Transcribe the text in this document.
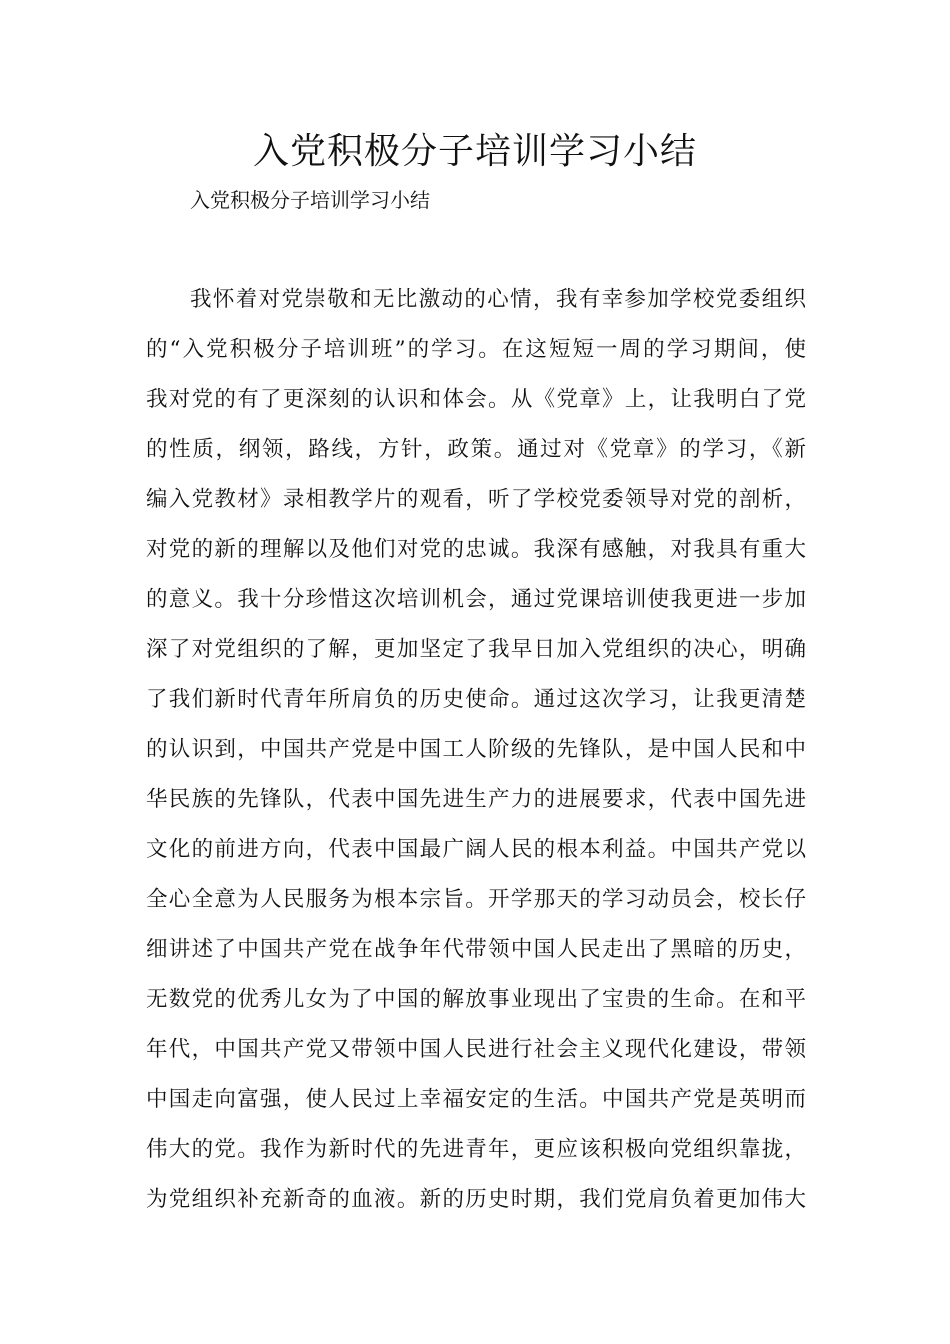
入党积极分子培训学习小结

入党积极分子培训学习小结

我怀着对党崇敬和无比激动的心情，我有幸参加学校党委组织
的“入党积极分子培训班”的学习。在这短短一周的学习期间，使
我对党的有了更深刻的认识和体会。从《党章》上，让我明白了党
的性质，纲领，路线，方针，政策。通过对《党章》的学习，《新
编入党教材》录相教学片的观看，听了学校党委领导对党的剖析，
对党的新的理解以及他们对党的忠诚。我深有感触，对我具有重大
的意义。我十分珍惜这次培训机会，通过党课培训使我更进一步加
深了对党组织的了解，更加坚定了我早日加入党组织的决心，明确
了我们新时代青年所肩负的历史使命。通过这次学习，让我更清楚
的认识到，中国共产党是中国工人阶级的先锋队，是中国人民和中
华民族的先锋队，代表中国先进生产力的进展要求，代表中国先进
文化的前进方向，代表中国最广阔人民的根本利益。中国共产党以
全心全意为人民服务为根本宗旨。开学那天的学习动员会，校长仔
细讲述了中国共产党在战争年代带领中国人民走出了黑暗的历史，
无数党的优秀儿女为了中国的解放事业现出了宝贵的生命。在和平
年代，中国共产党又带领中国人民进行社会主义现代化建设，带领
中国走向富强，使人民过上幸福安定的生活。中国共产党是英明而
伟大的党。我作为新时代的先进青年，更应该积极向党组织靠拢，
为党组织补充新奇的血液。新的历史时期，我们党肩负着更加伟大
